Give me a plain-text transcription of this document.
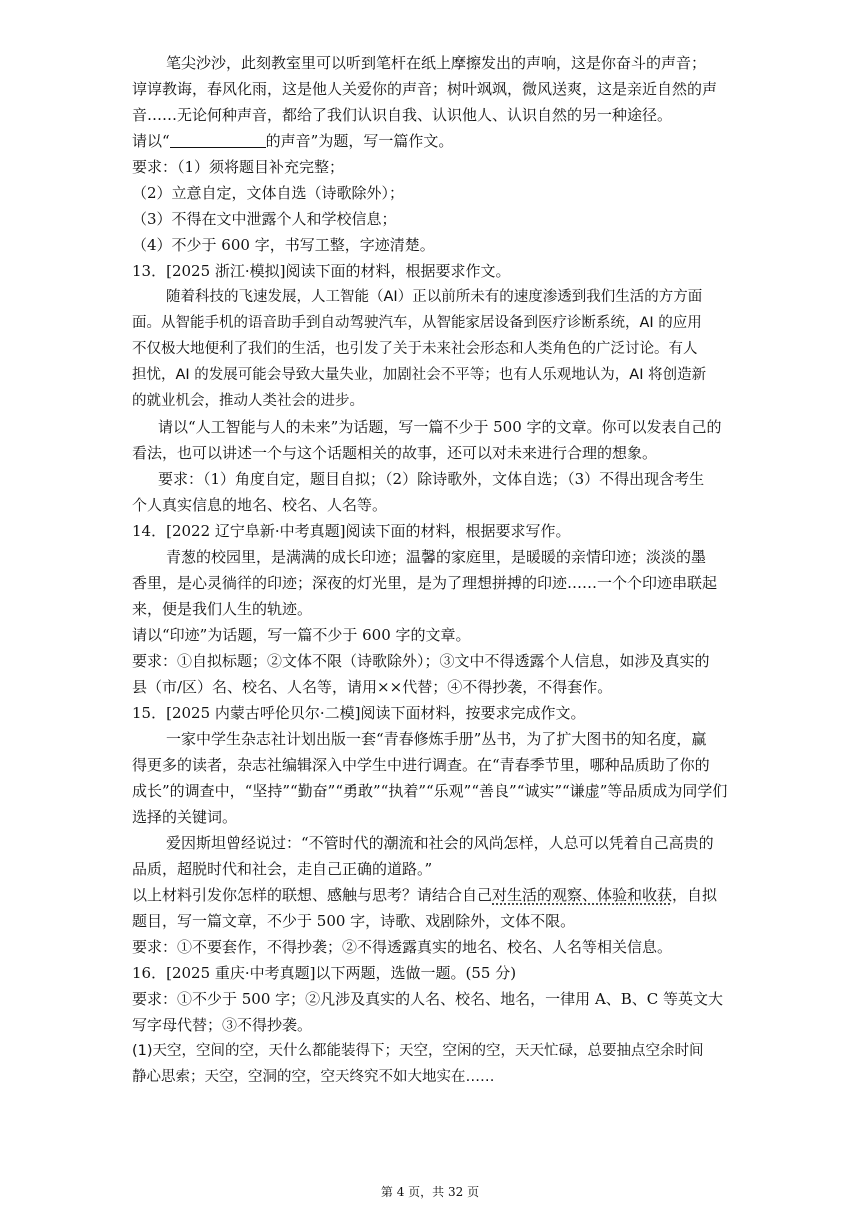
笔尖沙沙，此刻教室里可以听到笔杆在纸上摩擦发出的声响，这是你奋斗的声音；
谆谆教诲，春风化雨，这是他人关爱你的声音；树叶飒飒，微风送爽，这是亲近自然的声
音……无论何种声音，都给了我们认识自我、认识他人、认识自然的另一种途径。
请以“	的声音”为题，写一篇作文。
要求：（1）须将题目补充完整；
（2）立意自定，文体自选（诗歌除外）；
（3）不得在文中泄露个人和学校信息；
（4）不少于 600 字，书写工整，字迹清楚。
13．[2025 浙江·模拟]阅读下面的材料，根据要求作文。
随着科技的飞速发展，人工智能（AI）正以前所未有的速度渗透到我们生活的方方面
面。从智能手机的语音助手到自动驾驶汽车，从智能家居设备到医疗诊断系统，AI 的应用
不仅极大地便利了我们的生活，也引发了关于未来社会形态和人类角色的广泛讨论。有人
担忧，AI 的发展可能会导致大量失业，加剧社会不平等；也有人乐观地认为，AI 将创造新
的就业机会，推动人类社会的进步。
请以“人工智能与人的未来”为话题，写一篇不少于 500 字的文章。你可以发表自己的
看法，也可以讲述一个与这个话题相关的故事，还可以对未来进行合理的想象。
要求：（1）角度自定，题目自拟；（2）除诗歌外，文体自选；（3）不得出现含考生
个人真实信息的地名、校名、人名等。
14．[2022 辽宁阜新·中考真题]阅读下面的材料，根据要求写作。
青葱的校园里，是满满的成长印迹；温馨的家庭里，是暖暖的亲情印迹；淡淡的墨
香里，是心灵徜徉的印迹；深夜的灯光里，是为了理想拼搏的印迹……一个个印迹串联起
来，便是我们人生的轨迹。
请以“印迹”为话题，写一篇不少于 600 字的文章。
要求：①自拟标题；②文体不限（诗歌除外）；③文中不得透露个人信息，如涉及真实的
县（市/区）名、校名、人名等，请用××代替；④不得抄袭，不得套作。
15．[2025 内蒙古呼伦贝尔·二模]阅读下面材料，按要求完成作文。
一家中学生杂志社计划出版一套“青春修炼手册”丛书，为了扩大图书的知名度，赢
得更多的读者，杂志社编辑深入中学生中进行调查。在“青春季节里，哪种品质助了你的
成长”的调查中，“坚持”“勤奋”“勇敢”“执着”“乐观”“善良”“诚实”“谦虚”等品质成为同学们
选择的关键词。
爱因斯坦曾经说过：“不管时代的潮流和社会的风尚怎样，人总可以凭着自己高贵的
品质，超脱时代和社会，走自己正确的道路。”
以上材料引发你怎样的联想、感触与思考？请结合自己对生活的观察、体验和收获，自拟
题目，写一篇文章，不少于 500 字，诗歌、戏剧除外，文体不限。
要求：①不要套作，不得抄袭；②不得透露真实的地名、校名、人名等相关信息。
16．[2025 重庆·中考真题]以下两题，选做一题。(55 分)
要求：①不少于 500 字；②凡涉及真实的人名、校名、地名，一律用 A、B、C 等英文大
写字母代替；③不得抄袭。
(1)天空，空间的空，天什么都能装得下；天空，空闲的空，天天忙碌，总要抽点空余时间
静心思索；天空，空洞的空，空天终究不如大地实在……
第 4 页，共 32 页
